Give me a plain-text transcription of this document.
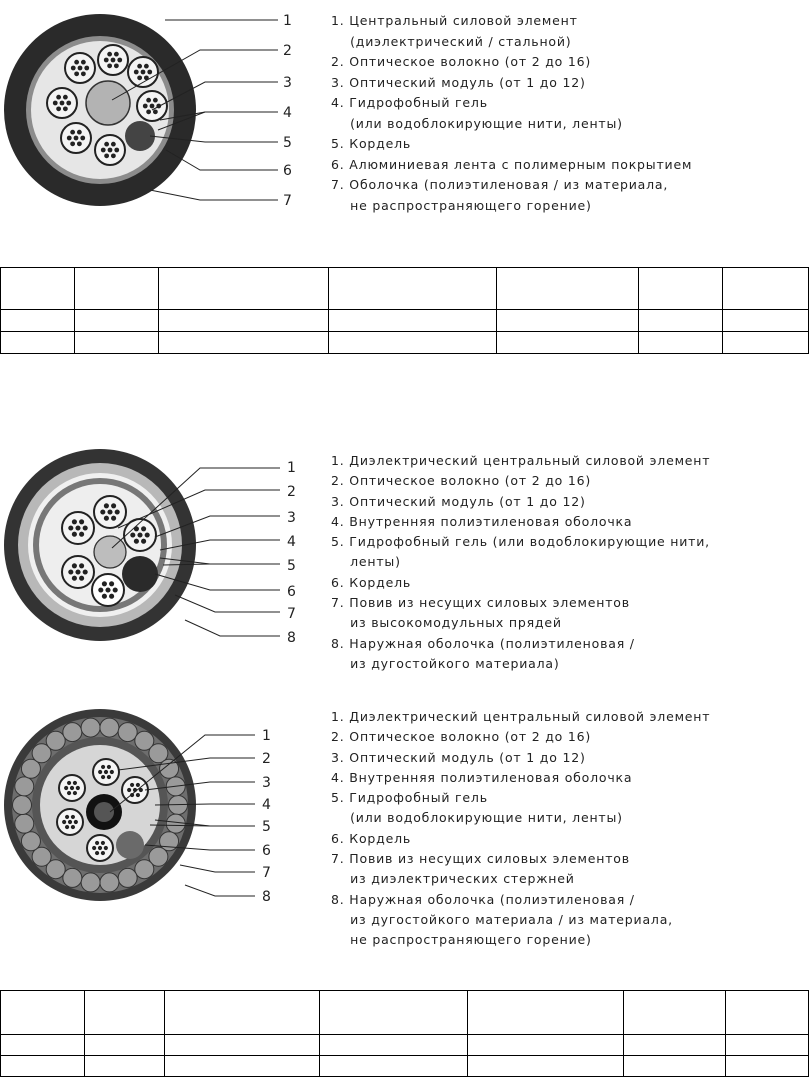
1
2
3
4
5
6
7
1. Центральный силовой элемент
(диэлектрический / стальной)
2. Оптическое волокно (от 2 до 16)
3. Оптический модуль (от 1 до 12)
4. Гидрофобный гель
(или водоблокирующие нити, ленты)
5. Кордель
6. Алюминиевая лента с полимерным покрытием
7. Оболочка (полиэтиленовая / из материала,
не распространяющего горение)

1
2
3
4
5
6
7
8
1. Диэлектрический центральный силовой элемент
2. Оптическое волокно (от 2 до 16)
3. Оптический модуль (от 1 до 12)
4. Внутренняя полиэтиленовая оболочка
5. Гидрофобный гель (или водоблокирующие нити,
ленты)
6. Кордель
7. Повив из несущих силовых элементов
из высокомодульных прядей
8. Наружная оболочка (полиэтиленовая /
из дугостойкого материала)
1
2
3
4
5
6
7
8
1. Диэлектрический центральный силовой элемент
2. Оптическое волокно (от 2 до 16)
3. Оптический модуль (от 1 до 12)
4. Внутренняя полиэтиленовая оболочка
5. Гидрофобный гель
(или водоблокирующие нити, ленты)
6. Кордель
7. Повив из несущих силовых элементов
из диэлектрических стержней
8. Наружная оболочка (полиэтиленовая /
из дугостойкого материала / из материала,
не распространяющего горение)
